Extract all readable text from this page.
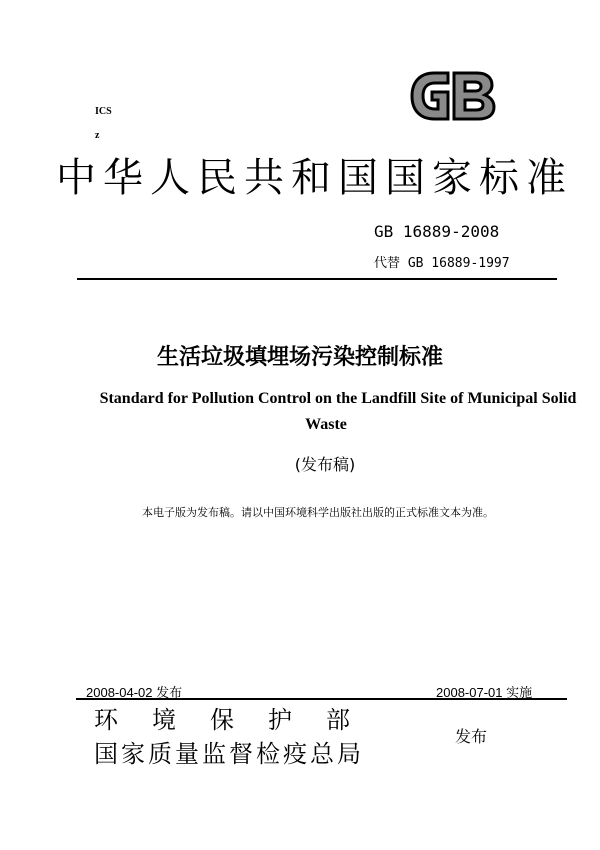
ICS
z
中华人民共和国国家标准
GB 16889-2008
代替 GB 16889-1997
生活垃圾填埋场污染控制标准
Standard for Pollution Control on the Landfill Site of Municipal Solid
Waste
(发布稿)
本电子版为发布稿。请以中国环境科学出版社出版的正式标准文本为准。
2008-04-02 发布	2008-07-01 实施
环境保护部
国家质量监督检疫总局
发布
